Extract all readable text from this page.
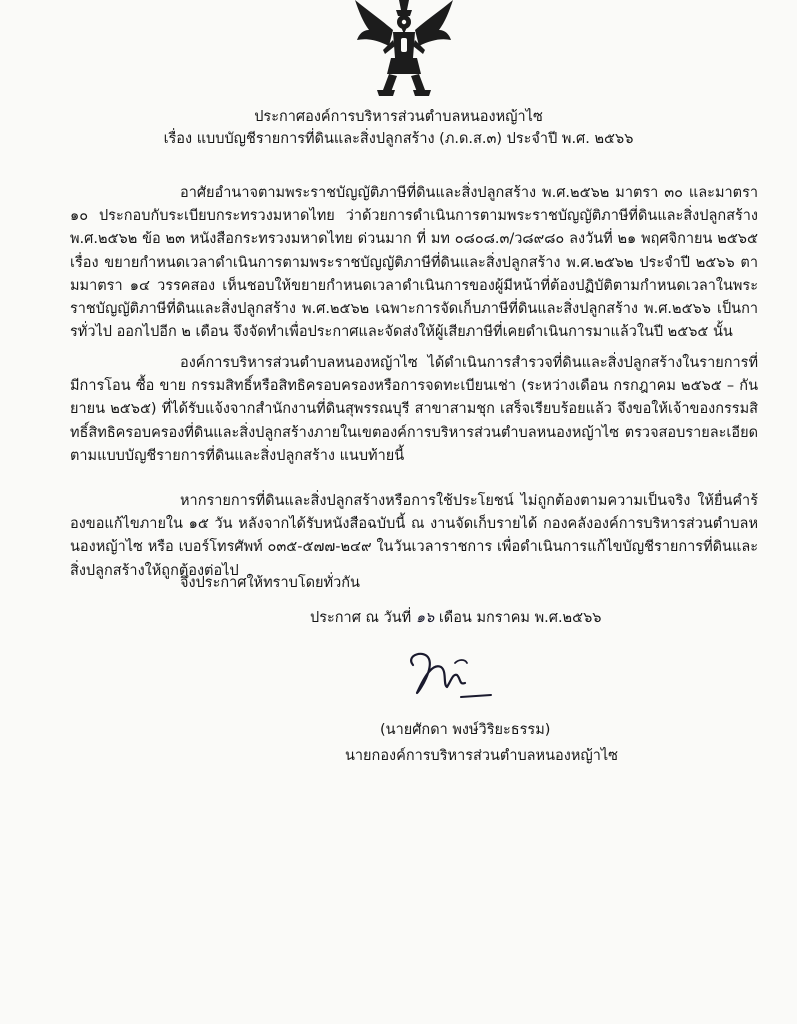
ประกาศองค์การบริหารส่วนตำบลหนองหญ้าไซ
เรื่อง แบบบัญชีรายการที่ดินและสิ่งปลูกสร้าง (ภ.ด.ส.๓) ประจำปี พ.ศ. ๒๕๖๖
อาศัยอำนาจตามพระราชบัญญัติภาษีที่ดินและสิ่งปลูกสร้าง พ.ศ.๒๕๖๒ มาตรา ๓๐ และมาตรา ๑๐ ประกอบกับระเบียบกระทรวงมหาดไทย ว่าด้วยการดำเนินการตามพระราชบัญญัติภาษีที่ดินและสิ่งปลูกสร้าง พ.ศ.๒๕๖๒ ข้อ ๒๓ หนังสือกระทรวงมหาดไทย ด่วนมาก ที่ มท ๐๘๐๘.๓/ว๘๙๘๐ ลงวันที่ ๒๑ พฤศจิกายน ๒๕๖๕ เรื่อง ขยายกำหนดเวลาดำเนินการตามพระราชบัญญัติภาษีที่ดินและสิ่งปลูกสร้าง พ.ศ.๒๕๖๒ ประจำปี ๒๕๖๖ ตามมาตรา ๑๔ วรรคสอง เห็นชอบให้ขยายกำหนดเวลาดำเนินการของผู้มีหน้าที่ต้องปฏิบัติตามกำหนดเวลาในพระราชบัญญัติภาษีที่ดินและสิ่งปลูกสร้าง พ.ศ.๒๕๖๒ เฉพาะการจัดเก็บภาษีที่ดินและสิ่งปลูกสร้าง พ.ศ.๒๕๖๖ เป็นการทั่วไป ออกไปอีก ๒ เดือน จึงจัดทำเพื่อประกาศและจัดส่งให้ผู้เสียภาษีที่เคยดำเนินการมาแล้วในปี ๒๕๖๕ นั้น
องค์การบริหารส่วนตำบลหนองหญ้าไซ ได้ดำเนินการสำรวจที่ดินและสิ่งปลูกสร้างในรายการที่มีการโอน ซื้อ ขาย กรรมสิทธิ์หรือสิทธิครอบครองหรือการจดทะเบียนเช่า (ระหว่างเดือน กรกฎาคม ๒๕๖๕ – กันยายน ๒๕๖๕) ที่ได้รับแจ้งจากสำนักงานที่ดินสุพรรณบุรี สาขาสามชุก เสร็จเรียบร้อยแล้ว จึงขอให้เจ้าของกรรมสิทธิ์สิทธิครอบครองที่ดินและสิ่งปลูกสร้างภายในเขตองค์การบริหารส่วนตำบลหนองหญ้าไซ ตรวจสอบรายละเอียดตามแบบบัญชีรายการที่ดินและสิ่งปลูกสร้าง แนบท้ายนี้
หากรายการที่ดินและสิ่งปลูกสร้างหรือการใช้ประโยชน์ ไม่ถูกต้องตามความเป็นจริง ให้ยื่นคำร้องขอแก้ไขภายใน ๑๕ วัน หลังจากได้รับหนังสือฉบับนี้ ณ งานจัดเก็บรายได้ กองคลังองค์การบริหารส่วนตำบลหนองหญ้าไซ หรือ เบอร์โทรศัพท์ ๐๓๕-๕๗๗-๒๔๙ ในวันเวลาราชการ เพื่อดำเนินการแก้ไขบัญชีรายการที่ดินและสิ่งปลูกสร้างให้ถูกต้องต่อไป
จึงประกาศให้ทราบโดยทั่วกัน
ประกาศ ณ วันที่ ๑๖ เดือน มกราคม พ.ศ.๒๕๖๖
(นายศักดา พงษ์วิริยะธรรม)
นายกองค์การบริหารส่วนตำบลหนองหญ้าไซ
